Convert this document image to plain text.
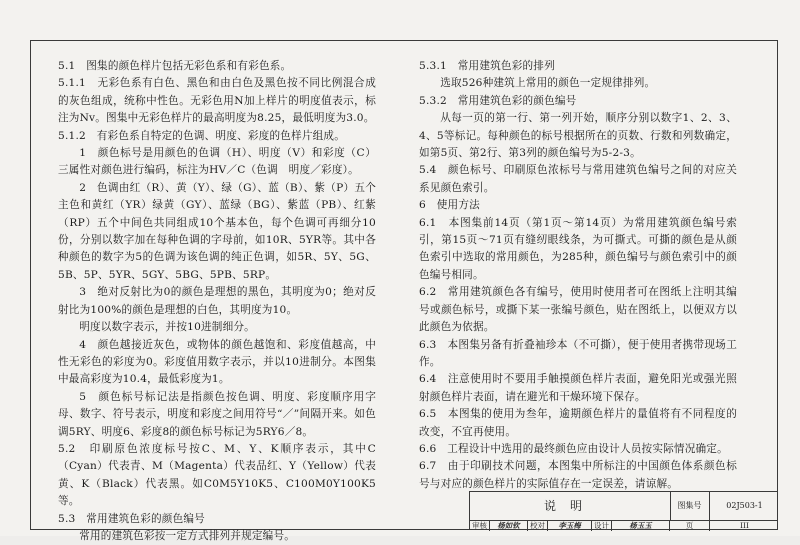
5.1　图集的颜色样片包括无彩色系和有彩色系。

5.1.1　无彩色系有白色、黑色和由白色及黑色按不同比例混合成的灰色组成，统称中性色。无彩色用N加上样片的明度值表示，标注为Nv。图集中无彩色样片的最高明度为8.25，最低明度为3.0。

5.1.2　有彩色系自特定的色调、明度、彩度的色样片组成。

1　颜色标号是用颜色的色调（H）、明度（V）和彩度（C）三属性对颜色进行编码，标注为HV／C（色调　明度／彩度）。

2　色调由红（R）、黄（Y）、绿（G）、蓝（B）、紫（P）五个主色和黄红（YR）绿黄（GY）、蓝绿（BG）、紫蓝（PB）、红紫（RP）五个中间色共同组成10个基本色，每个色调可再细分10份，分别以数字加在每种色调的字母前，如10R、5YR等。其中各种颜色的数字为5的色调为该色调的纯正色调，如5R、5Y、5G、5B、5P、5YR、5GY、5BG、5PB、5RP。

3　绝对反射比为0的颜色是理想的黑色，其明度为0；绝对反射比为100%的颜色是理想的白色，其明度为10。

明度以数字表示，并按10进制细分。

4　颜色越接近灰色，或物体的颜色越饱和、彩度值越高，中性无彩色的彩度为0。彩度值用数字表示，并以10进制分。本图集中最高彩度为10.4，最低彩度为1。

5　颜色标号标记法是指颜色按色调、明度、彩度顺序用字母、数字、符号表示，明度和彩度之间用符号“／”间隔开来。如色调5RY、明度6、彩度8的颜色标号标记为5RY6／8。

5.2　印刷原色浓度标号按C、M、Y、K顺序表示，其中C（Cyan）代表青、M（Magenta）代表品红、Y（Yellow）代表黄、K（Black）代表黑。如C0M5Y10K5、C100M0Y100K5等。

5.3　常用建筑色彩的颜色编号

常用的建筑色彩按一定方式排列并规定编号。

5.3.1　常用建筑色彩的排列

选取526种建筑上常用的颜色一定规律排列。

5.3.2　常用建筑色彩的颜色编号

从每一页的第一行、第一列开始，顺序分别以数字1、2、3、4、5等标记。每种颜色的标号根据所在的页数、行数和列数确定，如第5页、第2行、第3列的颜色编号为5-2-3。

5.4　颜色标号、印刷原色浓标号与常用建筑色编号之间的对应关系见颜色索引。

6　使用方法

6.1　本图集前14页（第1页～第14页）为常用建筑颜色编号索引，第15页～71页有缝纫眼线条，为可撕式。可撕的颜色是从颜色索引中选取的常用颜色，为285种，颜色编号与颜色索引中的颜色编号相同。

6.2　常用建筑颜色各有编号，使用时使用者可在图纸上注明其编号或颜色标号，或撕下某一张编号颜色，贴在图纸上，以便双方以此颜色为依据。

6.3　本图集另备有折叠袖珍本（不可撕），便于使用者携带现场工作。

6.4　注意使用时不要用手触摸颜色样片表面，避免阳光或强光照射颜色样片表面，请在避光和干燥环境下保存。

6.5　本图集的使用为叁年，逾期颜色样片的量值将有不同程度的改变，不宜再使用。

6.6　工程设计中选用的最终颜色应由设计人员按实际情况确定。

6.7　由于印刷技术问题，本图集中所标注的中国颜色体系颜色标号与对应的颜色样片的实际值存在一定误差，请谅解。

说明	图集号	02J503-1
审核	杨如钦	校对	李玉梅	设计	杨玉玉	页	III
